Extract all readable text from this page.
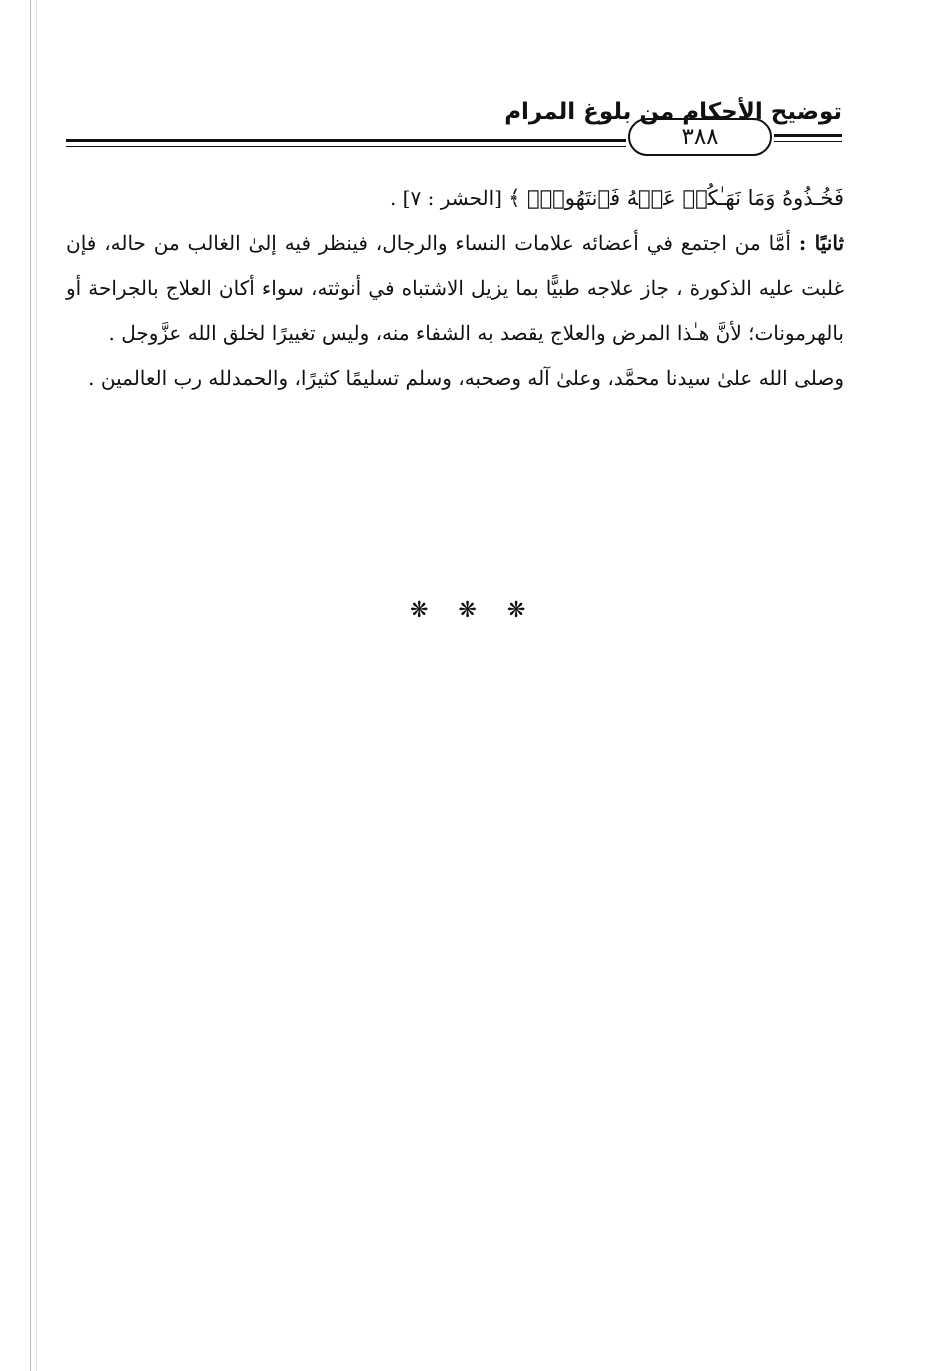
توضيح الأحكام من بلوغ المرام
٣٨٨

فَخُـذُوهُ وَمَا نَهَـٰكُمۡ عَنۡهُ فَٱنتَهُواْۚ ﴾ [الحشر : ٧] .

ثانيًا : أمَّا من اجتمع في أعضائه علامات النساء والرجال، فينظر فيه إلىٰ الغالب من حاله، فإن غلبت عليه الذكورة ، جاز علاجه طبيًّا بما يزيل الاشتباه في أنوثته، سواء أكان العلاج بالجراحة أو بالهرمونات؛ لأنَّ هـٰذا المرض والعلاج يقصد به الشفاء منه، وليس تغييرًا لخلق الله عزَّوجل .

وصلى الله علىٰ سيدنا محمَّد، وعلىٰ آله وصحبه، وسلم تسليمًا كثيرًا، والحمدلله رب العالمين .

❋❋❋
